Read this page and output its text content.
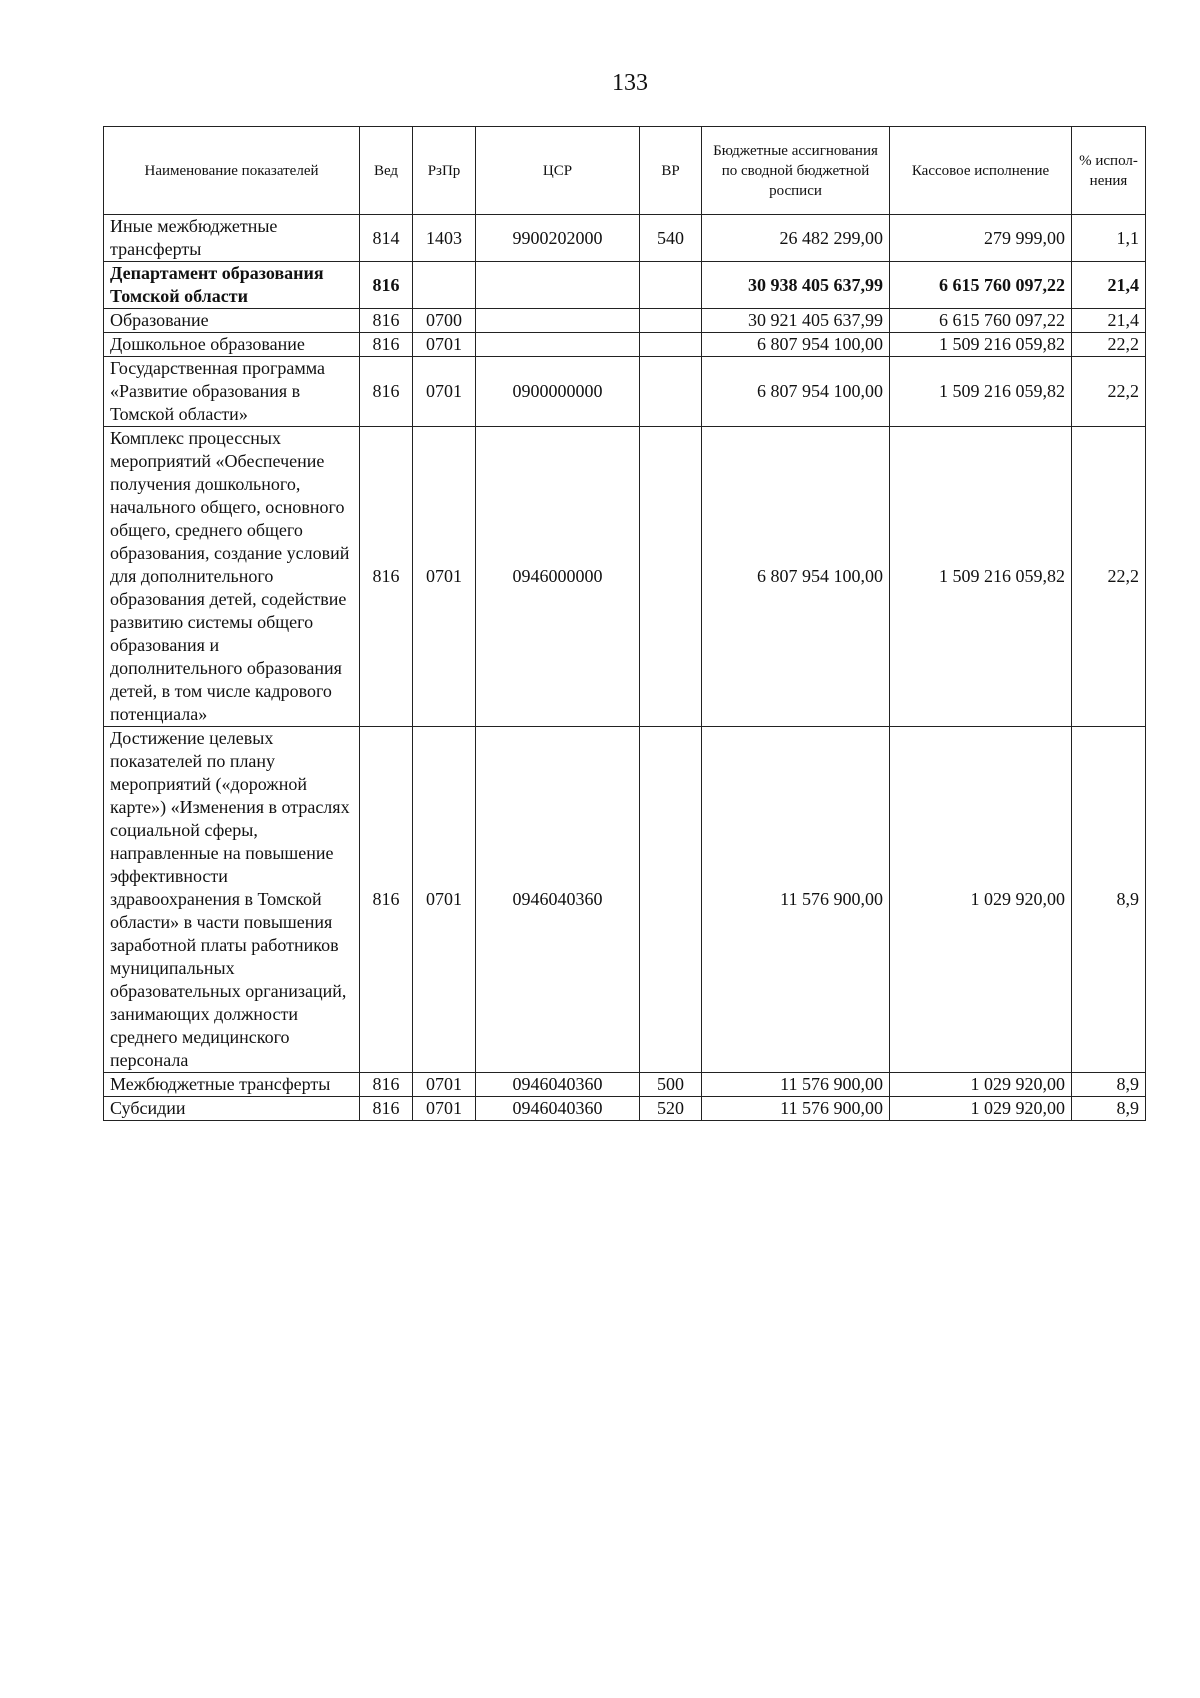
133
Наименование показателей	Вед	РзПр	ЦСР	ВР	Бюджетные ассигнования по сводной бюджетной росписи	Кассовое исполнение	% испол-нения
Иные межбюджетные трансферты	814	1403	9900202000	540	26 482 299,00	279 999,00	1,1
Департамент образования Томской области	816				30 938 405 637,99	6 615 760 097,22	21,4
Образование	816	0700			30 921 405 637,99	6 615 760 097,22	21,4
Дошкольное образование	816	0701			6 807 954 100,00	1 509 216 059,82	22,2
Государственная программа «Развитие образования в Томской области»	816	0701	0900000000		6 807 954 100,00	1 509 216 059,82	22,2
Комплекс процессных мероприятий «Обеспечение получения дошкольного, начального общего, основного общего, среднего общего образования, создание условий для дополнительного образования детей, содействие развитию системы общего образования и дополнительного образования детей, в том числе кадрового потенциала»	816	0701	0946000000		6 807 954 100,00	1 509 216 059,82	22,2
Достижение целевых показателей по плану мероприятий («дорожной карте») «Изменения в отраслях социальной сферы, направленные на повышение эффективности здравоохранения в Томской области» в части повышения заработной платы работников муниципальных образовательных организаций, занимающих должности среднего медицинского персонала	816	0701	0946040360		11 576 900,00	1 029 920,00	8,9
Межбюджетные трансферты	816	0701	0946040360	500	11 576 900,00	1 029 920,00	8,9
Субсидии	816	0701	0946040360	520	11 576 900,00	1 029 920,00	8,9
